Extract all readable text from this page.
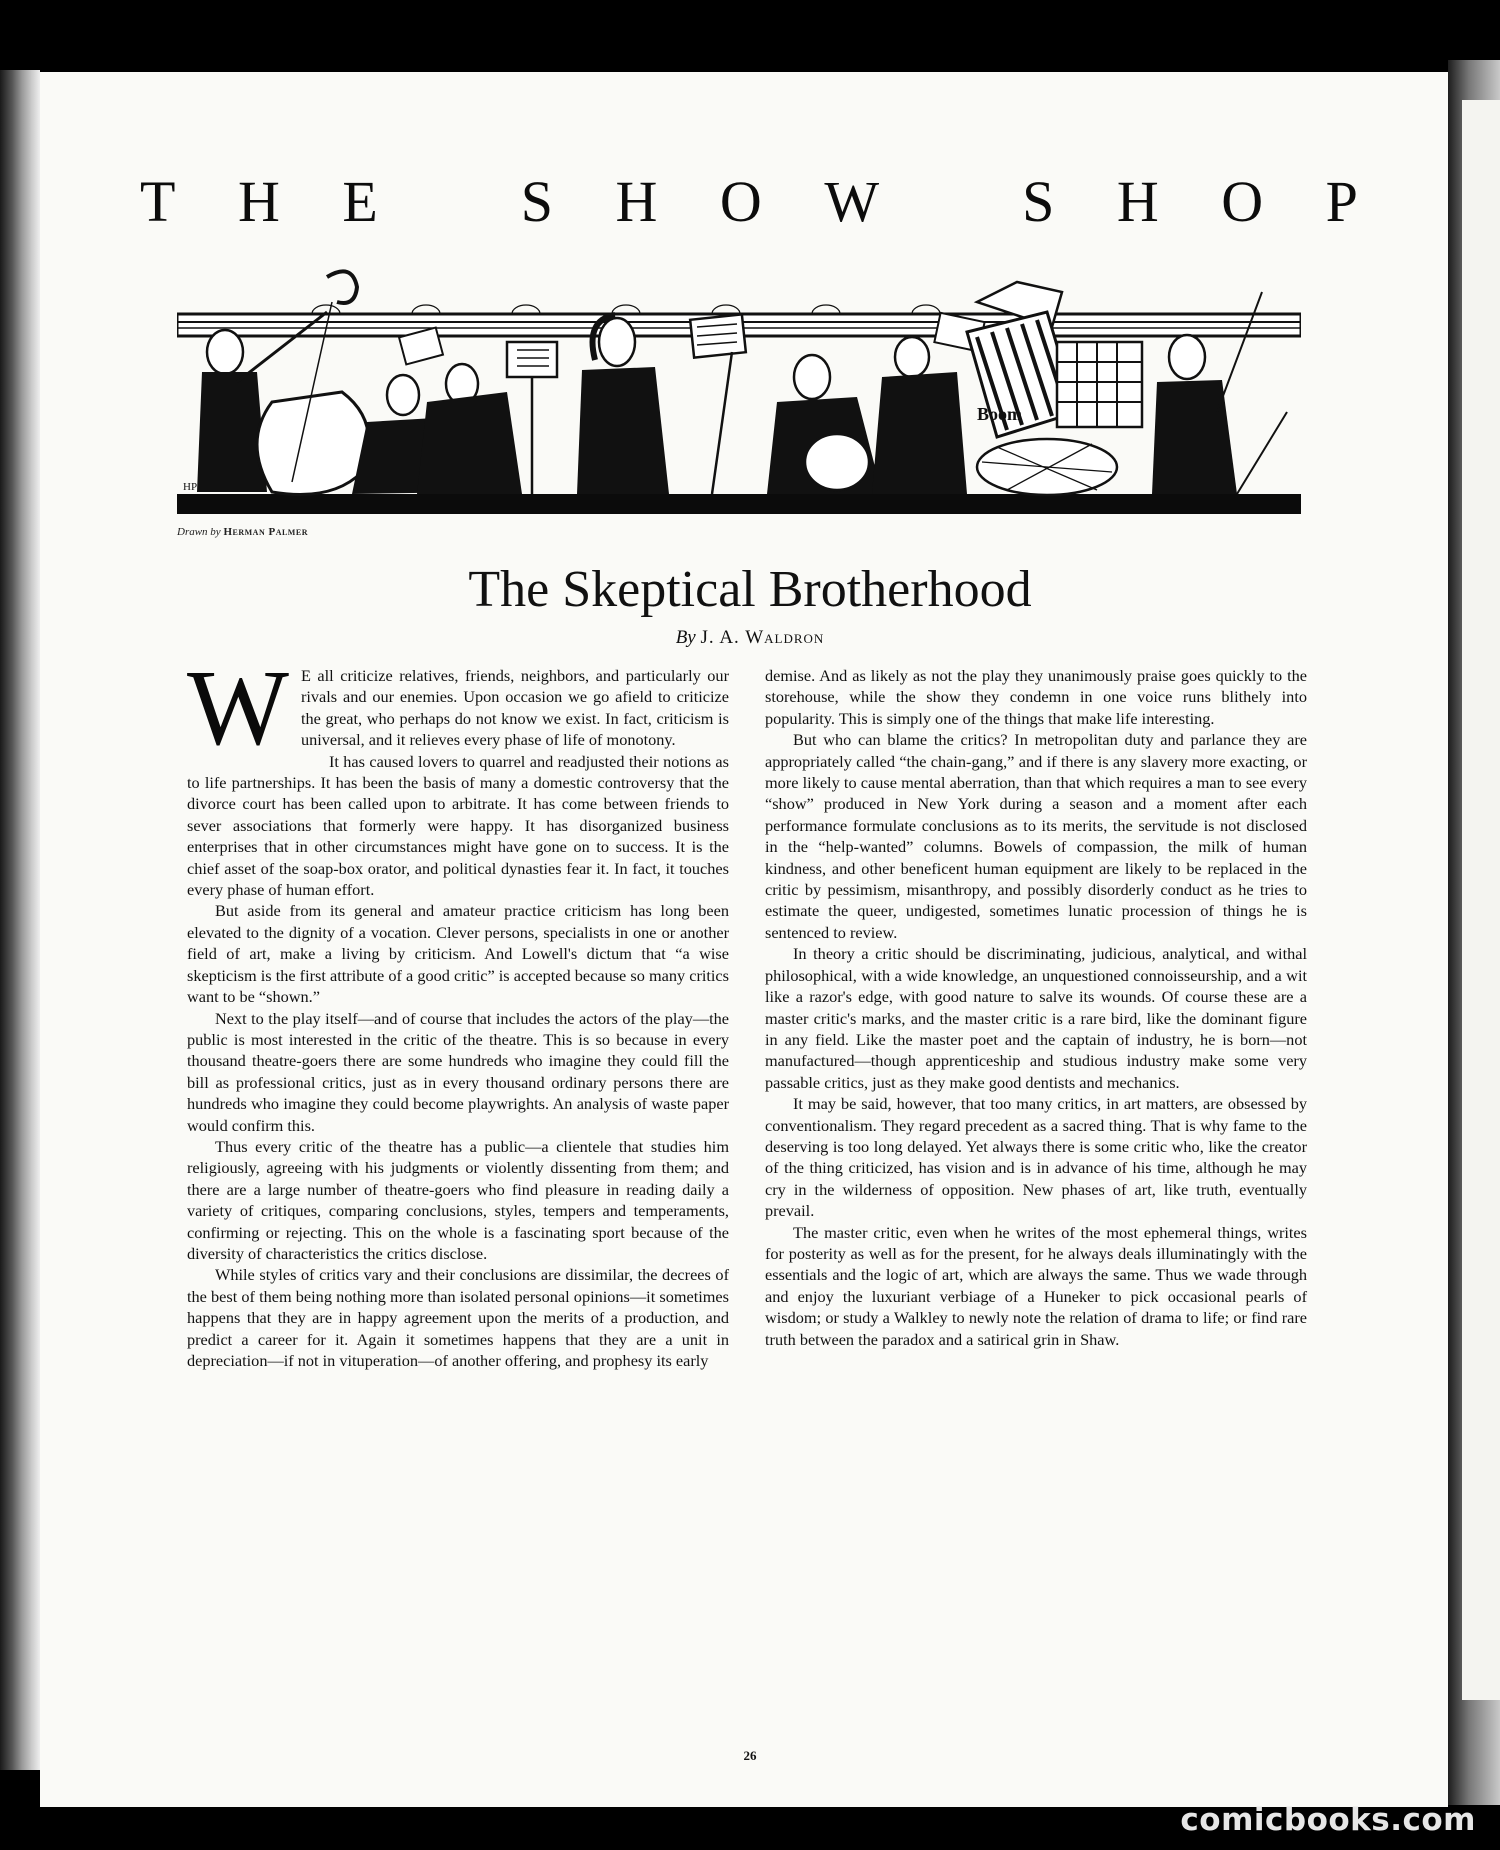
T H E S H O W S H O P
Boom
HP
Drawn by Herman Palmer
The Skeptical Brotherhood
By J. A. Waldron

W E all criticize relatives, friends, neighbors, and particularly our rivals and our enemies. Upon occasion we go afield to criticize the great, who perhaps do not know we exist. In fact, criticism is universal, and it relieves every phase of life of monotony.

It has caused lovers to quarrel and readjusted their notions as to life partnerships. It has been the basis of many a domestic controversy that the divorce court has been called upon to arbitrate. It has come between friends to sever associations that formerly were happy. It has disorganized business enterprises that in other circumstances might have gone on to success. It is the chief asset of the soap-box orator, and political dynasties fear it. In fact, it touches every phase of human effort.

But aside from its general and amateur practice criticism has long been elevated to the dignity of a vocation. Clever persons, specialists in one or another field of art, make a living by criticism. And Lowell's dictum that “a wise skepticism is the first attribute of a good critic” is accepted because so many critics want to be “shown.”

Next to the play itself—and of course that includes the actors of the play—the public is most interested in the critic of the theatre. This is so because in every thousand theatre-goers there are some hundreds who imagine they could fill the bill as professional critics, just as in every thousand ordinary persons there are hundreds who imagine they could become playwrights. An analysis of waste paper would confirm this.

Thus every critic of the theatre has a public—a clientele that studies him religiously, agreeing with his judgments or violently dissenting from them; and there are a large number of theatre-goers who find pleasure in reading daily a variety of critiques, comparing conclusions, styles, tempers and temperaments, confirming or rejecting. This on the whole is a fascinating sport because of the diversity of characteristics the critics disclose.

While styles of critics vary and their conclusions are dissimilar, the decrees of the best of them being nothing more than isolated personal opinions—it sometimes happens that they are in happy agreement upon the merits of a production, and predict a career for it. Again it sometimes happens that they are a unit in depreciation—if not in vituperation—of another offering, and prophesy its early

demise. And as likely as not the play they unanimously praise goes quickly to the storehouse, while the show they condemn in one voice runs blithely into popularity. This is simply one of the things that make life interesting.

But who can blame the critics? In metropolitan duty and parlance they are appropriately called “the chain-gang,” and if there is any slavery more exacting, or more likely to cause mental aberration, than that which requires a man to see every “show” produced in New York during a season and a moment after each performance formulate conclusions as to its merits, the servitude is not disclosed in the “help-wanted” columns. Bowels of compassion, the milk of human kindness, and other beneficent human equipment are likely to be replaced in the critic by pessimism, misanthropy, and possibly disorderly conduct as he tries to estimate the queer, undigested, sometimes lunatic procession of things he is sentenced to review.

In theory a critic should be discriminating, judicious, analytical, and withal philosophical, with a wide knowledge, an unquestioned connoisseurship, and a wit like a razor's edge, with good nature to salve its wounds. Of course these are a master critic's marks, and the master critic is a rare bird, like the dominant figure in any field. Like the master poet and the captain of industry, he is born—not manufactured—though apprenticeship and studious industry make some very passable critics, just as they make good dentists and mechanics.

It may be said, however, that too many critics, in art matters, are obsessed by conventionalism. They regard precedent as a sacred thing. That is why fame to the deserving is too long delayed. Yet always there is some critic who, like the creator of the thing criticized, has vision and is in advance of his time, although he may cry in the wilderness of opposition. New phases of art, like truth, eventually prevail.

The master critic, even when he writes of the most ephemeral things, writes for posterity as well as for the present, for he always deals illuminatingly with the essentials and the logic of art, which are always the same. Thus we wade through and enjoy the luxuriant verbiage of a Huneker to pick occasional pearls of wisdom; or study a Walkley to newly note the relation of drama to life; or find rare truth between the paradox and a satirical grin in Shaw.

26
comicbooks.com
